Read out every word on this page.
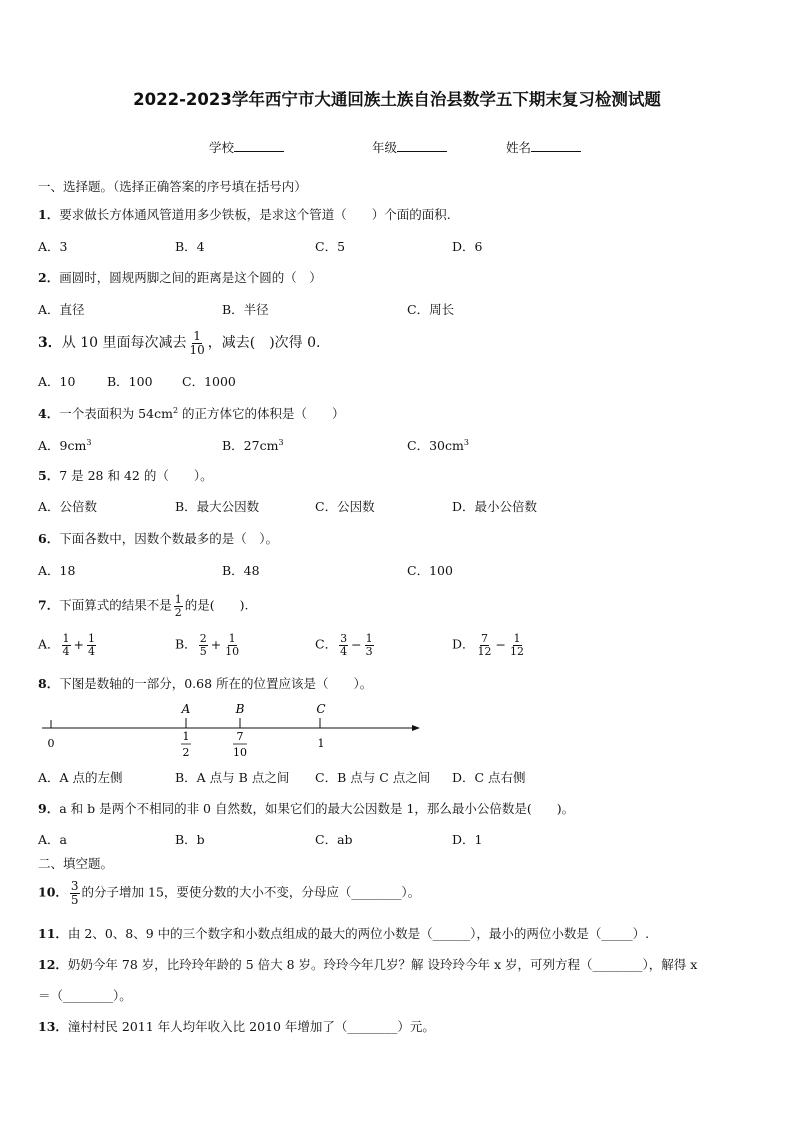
2022-2023学年西宁市大通回族土族自治县数学五下期末复习检测试题
学校	年级	姓名
一、选择题。（选择正确答案的序号填在括号内）
1．要求做长方体通风管道用多少铁板，是求这个管道（　　）个面的面积.
A．3	B．4	C．5	D．6
2．画圆时，圆规两脚之间的距离是这个圆的（　）
A．直径	B．半径	C．周长
3．从 10 里面每次减去 $\frac{1}{10}$ ，减去(　)次得 0.
A．10	B．100 C．1000
4．一个表面积为 $54cm^2$ 的正方体它的体积是（　　）
A．$9cm^3$	B．$27cm^3$	C．$30cm^3$
5．7 是 28 和 42 的（　　）。
A．公倍数	B．最大公因数	C．公因数	D．最小公倍数
6．下面各数中，因数个数最多的是（　）。
A．18	B．48	C．100
7．下面算式的结果不是 $\frac{1}{2}$ 的是(　　).
A． $\frac{1}{4} + \frac{1}{4}$	B． $\frac{2}{5} + \frac{1}{10}$	C． $\frac{3}{4} - \frac{1}{3}$	D． $\frac{7}{12} - \frac{1}{12}$
8．下图是数轴的一部分，0.68 所在的位置应该是（　　）。
A	B	C
0
1
2
7
10
1
A．A 点的左侧	B．A 点与 B 点之间 C．B 点与 C 点之间 D．C 点右侧
9．a 和 b 是两个不相同的非 0 自然数，如果它们的最大公因数是 1，那么最小公倍数是(　　)。
A．a	B．b	C．ab	D．1
二、填空题。
10． $\frac{3}{5}$ 的分子增加 15，要使分数的大小不变，分母应（________）。
11．由 2、0、8、9 中的三个数字和小数点组成的最大的两位小数是（______），最小的两位小数是（_____）.
12．奶奶今年 78 岁，比玲玲年龄的 5 倍大 8 岁。玲玲今年几岁？解 设玲玲今年 x 岁，可列方程（________），解得 x
＝（________）。
13．潼村村民 2011 年人均年收入比 2010 年增加了（________）元。
